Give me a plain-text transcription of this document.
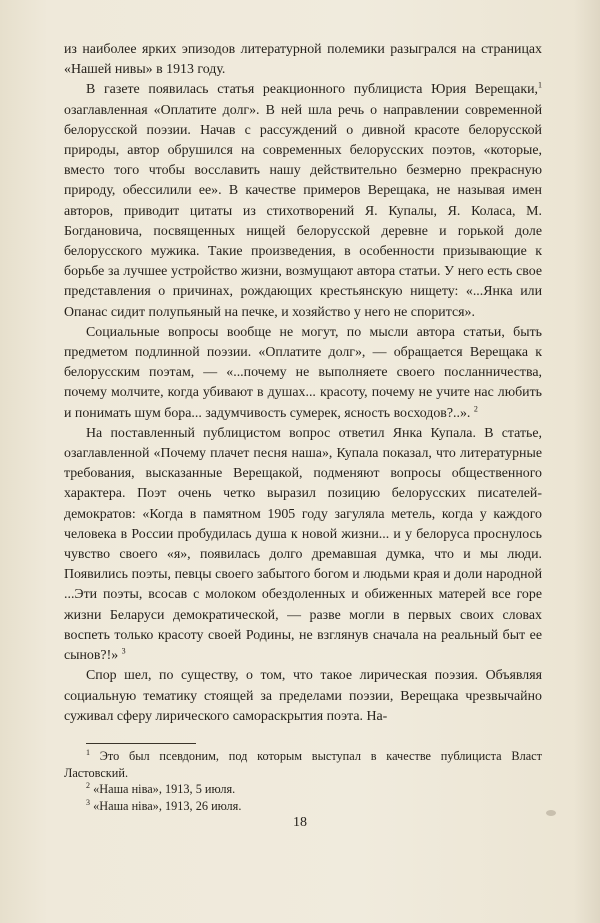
из наиболее ярких эпизодов литературной полемики разыгрался на страницах «Нашей нивы» в 1913 году.

В газете появилась статья реакционного публициста Юрия Верещаки,$^1$ озаглавленная «Оплатите долг». В ней шла речь о направлении современной белорусской поэзии. Начав с рассуждений о дивной красоте белорусской природы, автор обрушился на современных белорусских поэтов, «которые, вместо того чтобы восславить нашу действительно безмерно прекрасную природу, обессилили ее». В качестве примеров Верещака, не называя имен авторов, приводит цитаты из стихотворений Я. Купалы, Я. Коласа, М. Богдановича, посвященных нищей белорусской деревне и горькой доле белорусского мужика. Такие произведения, в особенности призывающие к борьбе за лучшее устройство жизни, возмущают автора статьи. У него есть свое представления о причинах, рождающих крестьянскую нищету: «...Янка или Опанас сидит полупьяный на печке, и хозяйство у него не спорится».

Социальные вопросы вообще не могут, по мысли автора статьи, быть предметом подлинной поэзии. «Оплатите долг», — обращается Верещака к белорусским поэтам, — «...почему не выполняете своего посланничества, почему молчите, когда убивают в душах... красоту, почему не учите нас любить и понимать шум бора... задумчивость сумерек, ясность восходов?..». $^2$

На поставленный публицистом вопрос ответил Янка Купала. В статье, озаглавленной «Почему плачет песня наша», Купала показал, что литературные требования, высказанные Верещакой, подменяют вопросы общественного характера. Поэт очень четко выразил позицию белорусских писателей-демократов: «Когда в памятном 1905 году загуляла метель, когда у каждого человека в России пробудилась душа к новой жизни... и у белоруса проснулось чувство своего «я», появилась долго дремавшая думка, что и мы люди. Появились поэты, певцы своего забытого богом и людьми края и доли народной ...Эти поэты, всосав с молоком обездоленных и обиженных матерей все горе жизни Беларуси демократической, — разве могли в первых своих словах воспеть только красоту своей Родины, не взглянув сначала на реальный быт ее сынов?!» $^3$

Спор шел, по существу, о том, что такое лирическая поэзия. Объявляя социальную тематику стоящей за пределами поэзии, Верещака чрезвычайно суживал сферу лирического самораскрытия поэта. На-

$^1$ Это был псевдоним, под которым выступал в качестве публициста Власт Ластовский.

$^2$ «Наша ніва», 1913, 5 июля.

$^3$ «Наша ніва», 1913, 26 июля.

18
